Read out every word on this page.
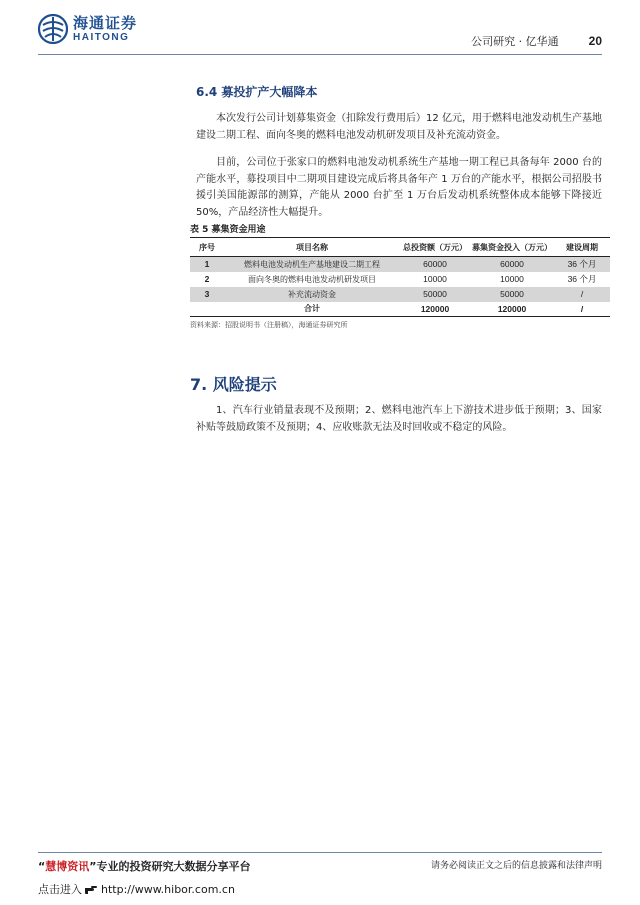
海通证券
HAITONG	公司研究 · 亿华通	20
6.4 募投扩产大幅降本

本次发行公司计划募集资金（扣除发行费用后）12 亿元，用于燃料电池发动机生产基地建设二期工程、面向冬奥的燃料电池发动机研发项目及补充流动资金。

目前，公司位于张家口的燃料电池发动机系统生产基地一期工程已具备每年 2000 台的产能水平，募投项目中二期项目建设完成后将具备年产 1 万台的产能水平，根据公司招股书援引美国能源部的测算，产能从 2000 台扩至 1 万台后发动机系统整体成本能够下降接近 50%，产品经济性大幅提升。

表 5 募集资金用途
序号	项目名称	总投资额（万元）	募集资金投入（万元）	建设周期
1	燃料电池发动机生产基地建设二期工程	60000	60000	36 个月
2	面向冬奥的燃料电池发动机研发项目	10000	10000	36 个月
3	补充流动资金	50000	50000	/
	合计	120000	120000	/
资料来源：招股说明书（注册稿），海通证券研究所
7. 风险提示

1、汽车行业销量表现不及预期；2、燃料电池汽车上下游技术进步低于预期；3、国家补贴等鼓励政策不及预期；4、应收账款无法及时回收或不稳定的风险。

“慧博资讯”专业的投资研究大数据分享平台	请务必阅读正文之后的信息披露和法律声明
点击进入 http://www.hibor.com.cn
